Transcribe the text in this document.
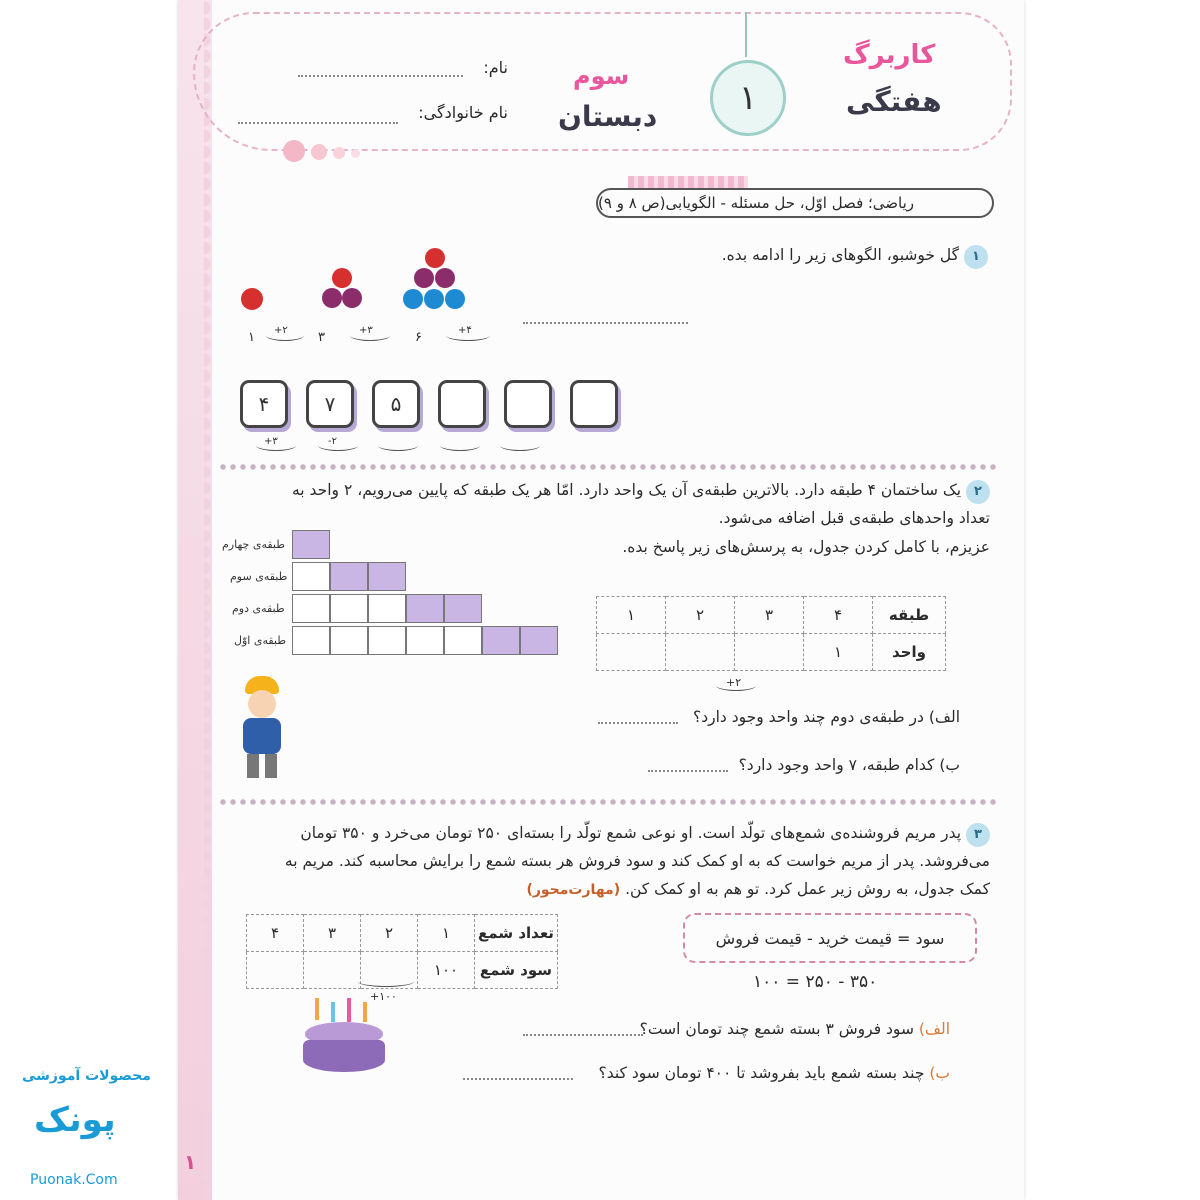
کاربرگ
هفتگی
۱
سوم
دبستان
نام:
نام خانوادگی:
ریاضی؛ فصل اوّل، حل مسئله - الگویابی(ص ۸ و ۹)
۱ گل خوشبو، الگوهای زیر را ادامه بده.
۱	۳	۶
+۲	+۳	+۴
۴	۷	۵
+۳	-۲
۲ یک ساختمان ۴ طبقه دارد. بالاترین طبقه‌ی آن یک واحد دارد. امّا هر یک طبقه که پایین می‌رویم، ۲ واحد به
تعداد واحدهای طبقه‌ی قبل اضافه می‌شود.
عزیزم، با کامل کردن جدول، به پرسش‌های زیر پاسخ بده.
طبقه‌ی چهارم
طبقه‌ی سوم
طبقه‌ی دوم
طبقه‌ی اوّل
۱	۲	۳	۴	طبقه
			۱	واحد
+۲
الف) در طبقه‌ی دوم چند واحد وجود دارد؟
ب) کدام طبقه، ۷ واحد وجود دارد؟
۳ پدر مریم فروشنده‌ی شمع‌های تولّد است. او نوعی شمع تولّد را بسته‌ای ۲۵۰ تومان می‌خرد و ۳۵۰ تومان
می‌فروشد. پدر از مریم خواست که به او کمک کند و سود فروش هر بسته شمع را برایش محاسبه کند. مریم به
کمک جدول، به روش زیر عمل کرد. تو هم به او کمک کن. (مهارت‌محور)
سود = قیمت خرید - قیمت فروش
۳۵۰ - ۲۵۰ = ۱۰۰
۴	۳	۲	۱	تعداد شمع
			۱۰۰	سود شمع
+۱۰۰
الف) سود فروش ۳ بسته شمع چند تومان است؟
ب) چند بسته شمع باید بفروشد تا ۴۰۰ تومان سود کند؟
۱
محصولات آموزشی
پونک
Puonak.Com
